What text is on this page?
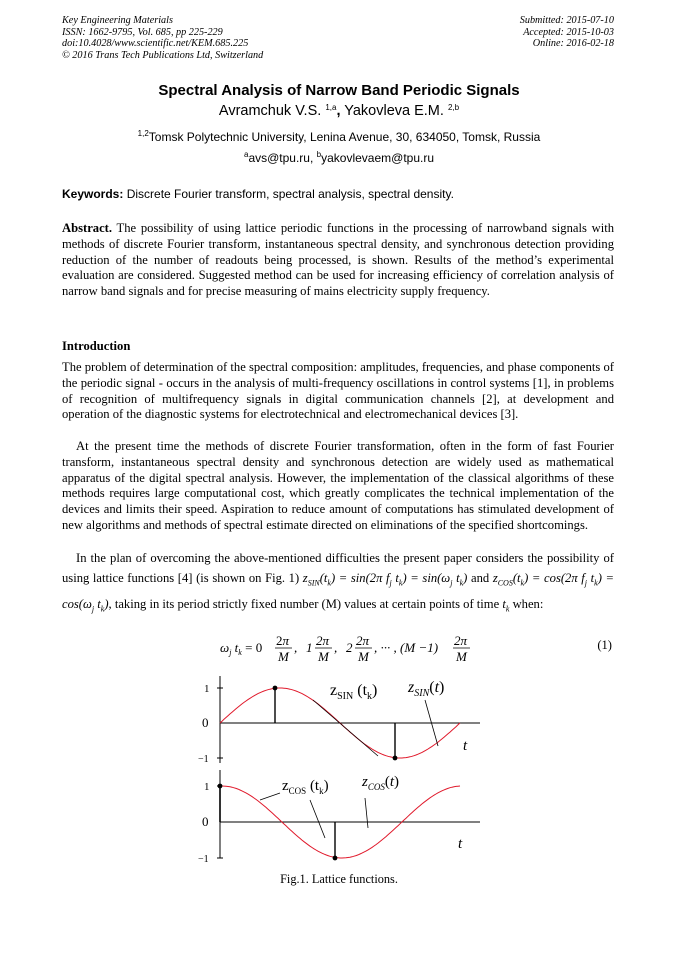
Key Engineering Materials
ISSN: 1662-9795, Vol. 685, pp 225-229
doi:10.4028/www.scientific.net/KEM.685.225
© 2016 Trans Tech Publications Ltd, Switzerland
Submitted: 2015-07-10
Accepted: 2015-10-03
Online: 2016-02-18
Spectral Analysis of Narrow Band Periodic Signals
Avramchuk V.S. $^{1,a}$, Yakovleva E.M. $^{2,b}$
$^{1,2}$Tomsk Polytechnic University, Lenina Avenue, 30, 634050, Tomsk, Russia
$^a$avs@tpu.ru, $^b$yakovlevaem@tpu.ru
Keywords: Discrete Fourier transform, spectral analysis, spectral density.
Abstract. The possibility of using lattice periodic functions in the processing of narrowband signals with methods of discrete Fourier transform, instantaneous spectral density, and synchronous detection providing reduction of the number of readouts being processed, is shown. Results of the method’s experimental evaluation are considered. Suggested method can be used for increasing efficiency of correlation analysis of narrow band signals and for precise measuring of mains electricity supply frequency.
Introduction
The problem of determination of the spectral composition: amplitudes, frequencies, and phase components of the periodic signal - occurs in the analysis of multi-frequency oscillations in control systems [1], in problems of recognition of multifrequency signals in digital communication channels [2], at development and operation of the diagnostic systems for electrotechnical and electromechanical devices [3].
At the present time the methods of discrete Fourier transformation, often in the form of fast Fourier transform, instantaneous spectral density and synchronous detection are widely used as mathematical apparatus of the digital spectral analysis. However, the implementation of the classical algorithms of these methods requires large computational cost, which greatly complicates the technical implementation of the devices and limits their speed. Aspiration to reduce amount of computations has stimulated development of new algorithms and methods of spectral estimate directed on eliminations of the specified shortcomings.
In the plan of overcoming the above-mentioned difficulties the present paper considers the possibility of using lattice functions [4] (is shown on Fig. 1) $z_{SIN}(t_k) = \sin(2\pi$ $f_j$ $t_k) = \sin(\omega_j$ $t_k$) and $z_{COS}(t_k) = \cos(2\pi$ $f_j$ $t_k) = \cos(\omega_j$ $t_k$), taking in its period strictly fixed number (M) values at certain points of time $t_k$ when:
$\omega_j$ $t_k = 0$ 2π
M
, 1 2π
M
, 2 2π
M
, ··· , (M −1) 2π
M
(1)
1
0
−1
$z_{SIN}$ $(t_k)$ $z_{SIN}(t)$
t
1
0
−1
$z_{COS}$ $(t_k)$ $z_{COS}(t)$
t
Fig.1. Lattice functions.
